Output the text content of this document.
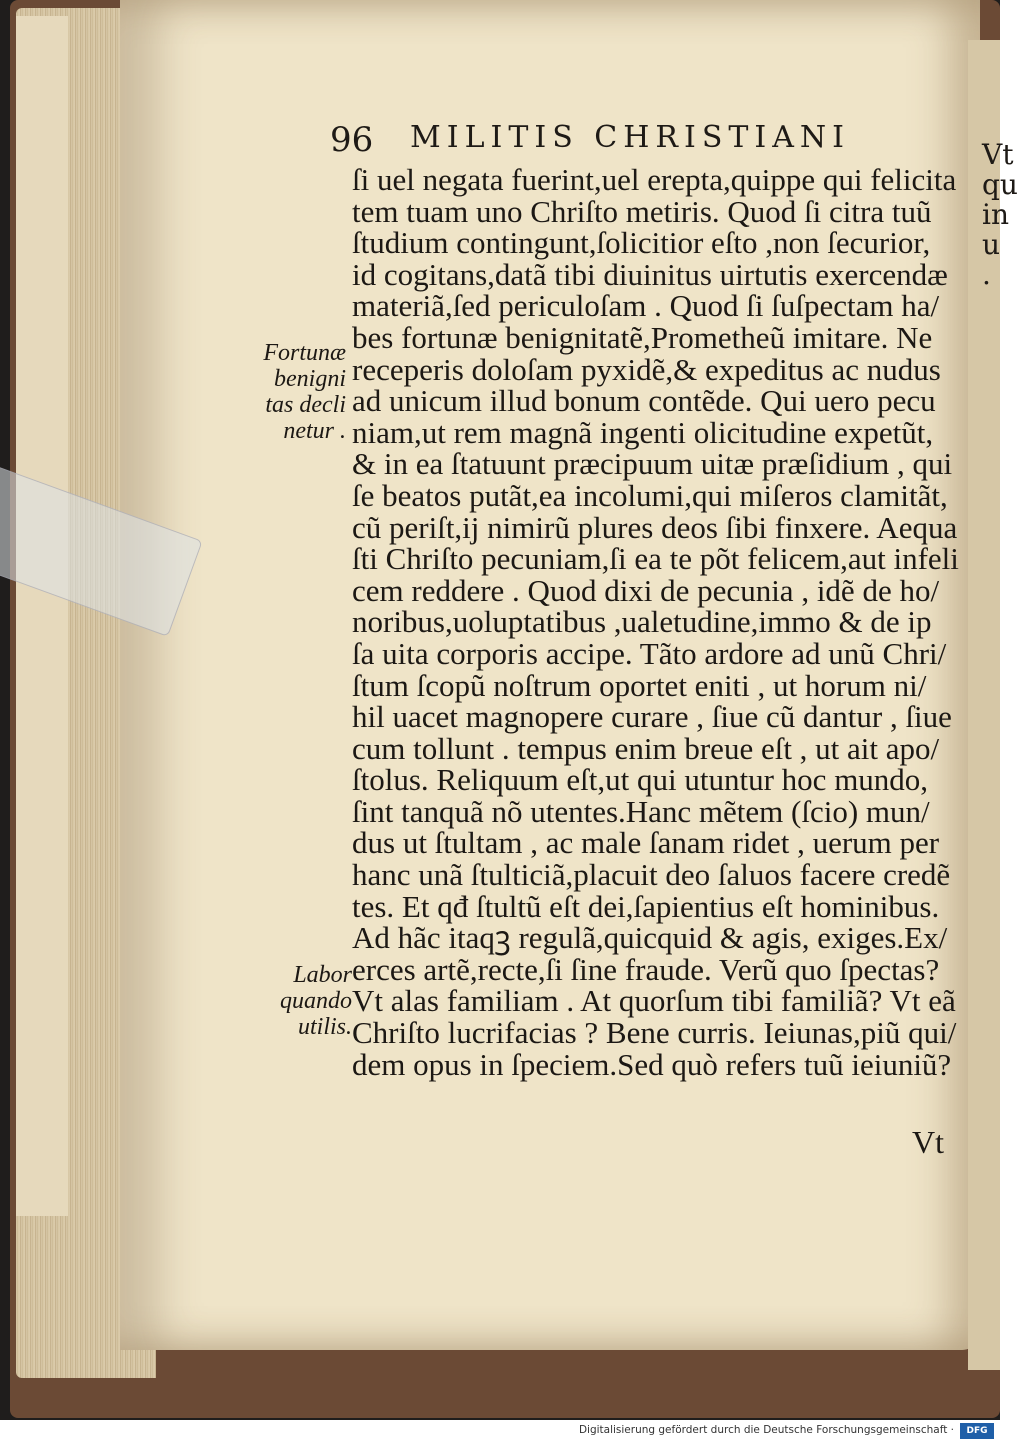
Vt
qu
in
u
.
96	MILITIS CHRISTIANI
Fortunæ
benigni
tas decli
netur .
Labor
quando
utilis.
ſi uel negata fuerint,uel erepta,quippe qui felicita
tem tuam uno Chriſto metiris. Quod ſi citra tuũ
ſtudium contingunt,ſolicitior eſto ,non ſecurior,
id cogitans,datã tibi diuinitus uirtutis exercendæ
materiã,ſed periculoſam . Quod ſi ſuſpectam ha/
bes fortunæ benignitatẽ,Prometheũ imitare. Ne
receperis doloſam pyxidẽ,& expeditus ac nudus
ad unicum illud bonum contẽde. Qui uero pecu
niam,ut rem magnã ingenti olicitudine expetũt,
& in ea ſtatuunt præcipuum uitæ præſidium , qui
ſe beatos putãt,ea incolumi,qui miſeros clamitãt,
cũ periſt,ij nimirũ plures deos ſibi finxere. Aequa
ſti Chriſto pecuniam,ſi ea te põt felicem,aut infeli
cem reddere . Quod dixi de pecunia , idẽ de ho/
noribus,uoluptatibus ,ualetudine,immo & de ip
ſa uita corporis accipe. Tãto ardore ad unũ Chri/
ſtum ſcopũ noſtrum oportet eniti , ut horum ni/
hil uacet magnopere curare , ſiue cũ dantur , ſiue
cum tollunt . tempus enim breue eſt , ut ait apo/
ſtolus. Reliquum eſt,ut qui utuntur hoc mundo,
ſint tanquã nõ utentes.Hanc mẽtem (ſcio) mun/
dus ut ſtultam , ac male ſanam ridet , uerum per
hanc unã ſtulticiã,placuit deo ſaluos facere credẽ
tes. Et qđ ſtultũ eſt dei,ſapientius eſt hominibus.
Ad hãc itaqꝫ regulã,quicquid & agis, exiges.Ex/
erces artẽ,recte,ſi ſine fraude. Verũ quo ſpectas?
Vt alas familiam . At quorſum tibi familiã? Vt eã
Chriſto lucrifacias ? Bene curris. Ieiunas,piũ qui/
dem opus in ſpeciem.Sed quò refers tuũ ieiuniũ?
Vt
Digitalisierung gefördert durch die Deutsche Forschungsgemeinschaft ·	DFG
